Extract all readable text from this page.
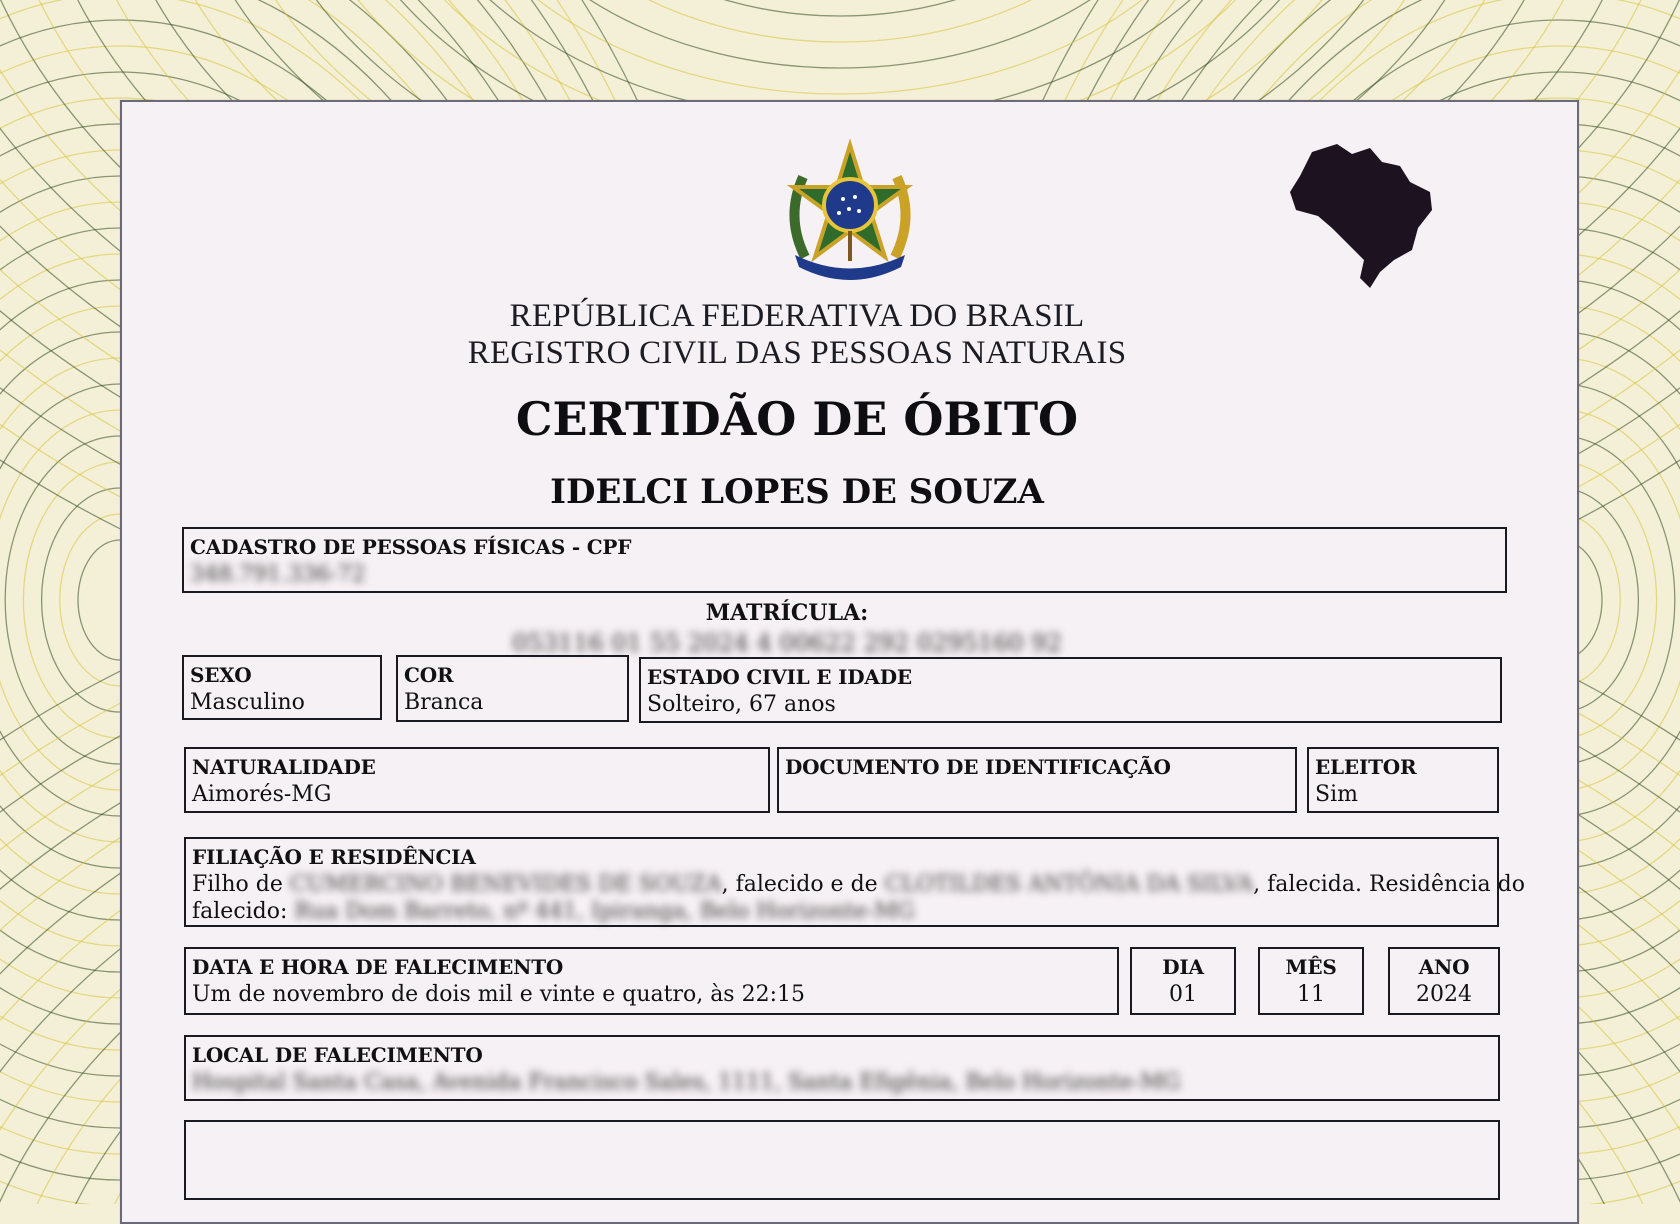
REPÚBLICA FEDERATIVA DO BRASIL
REGISTRO CIVIL DAS PESSOAS NATURAIS
CERTIDÃO DE ÓBITO
IDELCI LOPES DE SOUZA
CADASTRO DE PESSOAS FÍSICAS - CPF
348.791.336-72
MATRÍCULA:
053116 01 55 2024 4 00622 292 0295160 92
SEXO
Masculino
COR
Branca
ESTADO CIVIL E IDADE
Solteiro, 67 anos
NATURALIDADE
Aimorés-MG
DOCUMENTO DE IDENTIFICAÇÃO	ELEITOR
Sim
FILIAÇÃO E RESIDÊNCIA
Filho de CUMERCINO BENEVIDES DE SOUZA, falecido e de CLOTILDES ANTÔNIA DA SILVA, falecida. Residência do
falecido: Rua Dom Barreto, nº 441, Ipiranga, Belo Horizonte-MG
DATA E HORA DE FALECIMENTO
Um de novembro de dois mil e vinte e quatro, às 22:15
DIA
01
MÊS
11
ANO
2024
LOCAL DE FALECIMENTO
Hospital Santa Casa, Avenida Francisco Sales, 1111, Santa Efigênia, Belo Horizonte-MG
